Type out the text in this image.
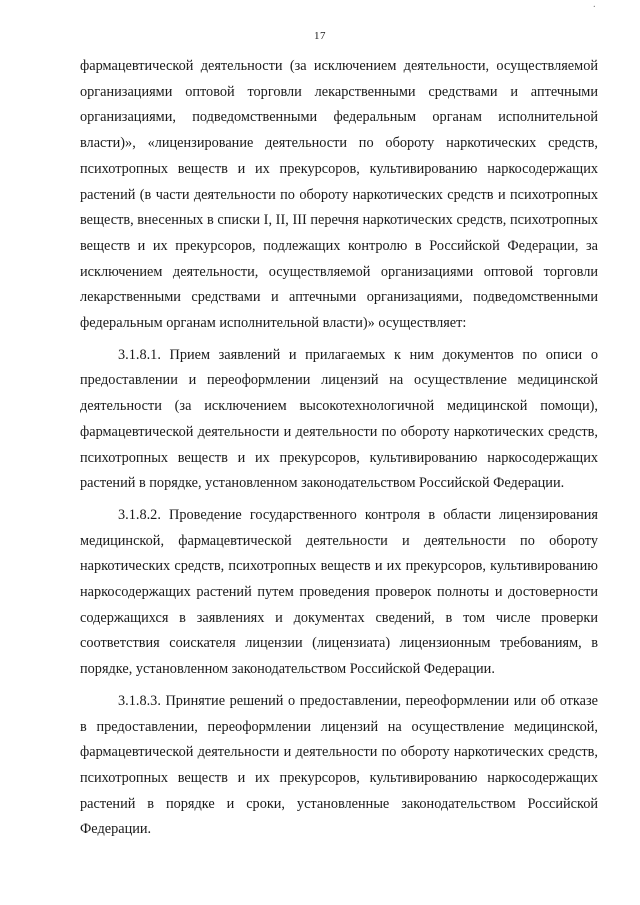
·
17

фармацевтической деятельности (за исключением деятельности, осуществляемой организациями оптовой торговли лекарственными средствами и аптечными организациями, подведомственными федеральным органам исполнительной власти)», «лицензирование деятельности по обороту наркотических средств, психотропных веществ и их прекурсоров, культивированию наркосодержащих растений (в части деятельности по обороту наркотических средств и психотропных веществ, внесенных в списки I, II, III перечня наркотических средств, психотропных веществ и их прекурсоров, подлежащих контролю в Российской Федерации, за исключением деятельности, осуществляемой организациями оптовой торговли лекарственными средствами и аптечными организациями, подведомственными федеральным органам исполнительной власти)» осуществляет:

3.1.8.1. Прием заявлений и прилагаемых к ним документов по описи о предоставлении и переоформлении лицензий на осуществление медицинской деятельности (за исключением высокотехнологичной медицинской помощи), фармацевтической деятельности и деятельности по обороту наркотических средств, психотропных веществ и их прекурсоров, культивированию наркосодержащих растений в порядке, установленном законодательством Российской Федерации.

3.1.8.2. Проведение государственного контроля в области лицензирования медицинской, фармацевтической деятельности и деятельности по обороту наркотических средств, психотропных веществ и их прекурсоров, культивированию наркосодержащих растений путем проведения проверок полноты и достоверности содержащихся в заявлениях и документах сведений, в том числе проверки соответствия соискателя лицензии (лицензиата) лицензионным требованиям, в порядке, установленном законодательством Российской Федерации.

3.1.8.3. Принятие решений о предоставлении, переоформлении или об отказе в предоставлении, переоформлении лицензий на осуществление медицинской, фармацевтической деятельности и деятельности по обороту наркотических средств, психотропных веществ и их прекурсоров, культивированию наркосодержащих растений в порядке и сроки, установленные законодательством Российской Федерации.
